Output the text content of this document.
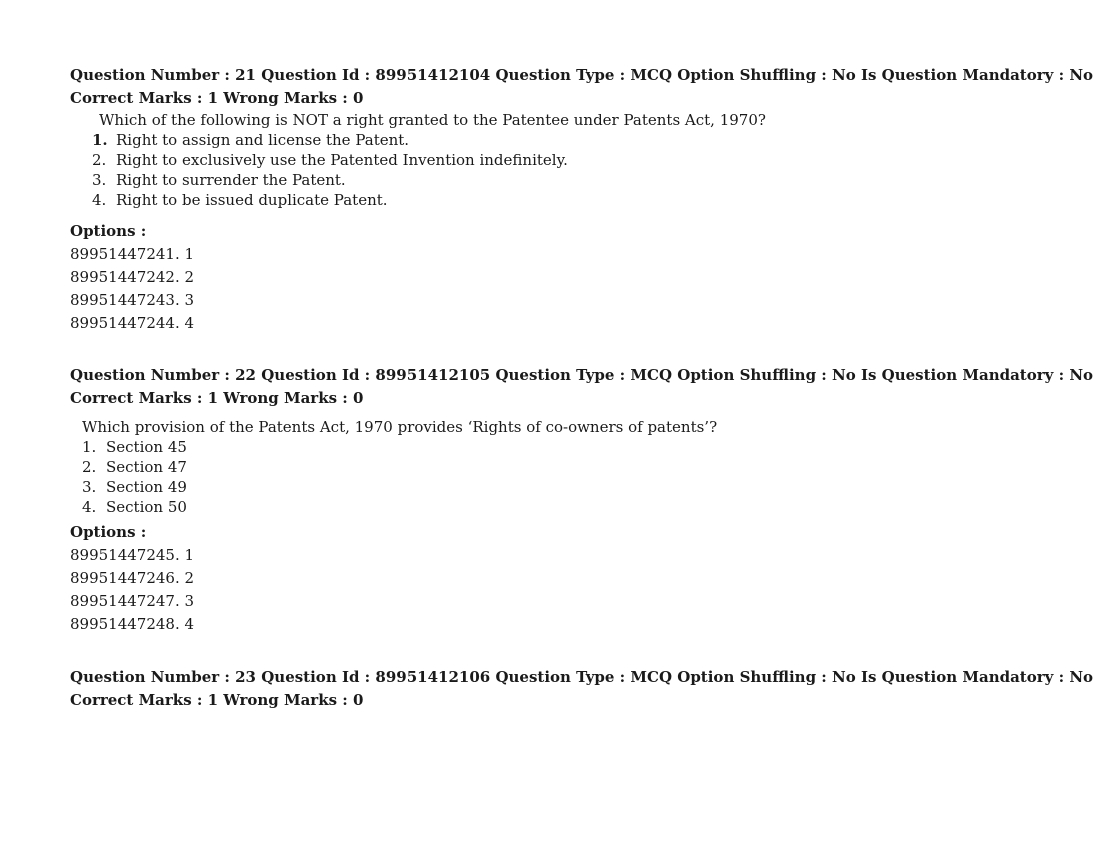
Question Number : 21 Question Id : 89951412104 Question Type : MCQ Option Shuffling : No Is Question Mandatory : No
Correct Marks : 1 Wrong Marks : 0
Which of the following is NOT a right granted to the Patentee under Patents Act, 1970?
1. Right to assign and license the Patent.
2. Right to exclusively use the Patented Invention indefinitely.
3. Right to surrender the Patent.
4. Right to be issued duplicate Patent.
Options :
89951447241. 1
89951447242. 2
89951447243. 3
89951447244. 4
Question Number : 22 Question Id : 89951412105 Question Type : MCQ Option Shuffling : No Is Question Mandatory : No
Correct Marks : 1 Wrong Marks : 0
Which provision of the Patents Act, 1970 provides ‘Rights of co-owners of patents’?
1. Section 45
2. Section 47
3. Section 49
4. Section 50
Options :
89951447245. 1
89951447246. 2
89951447247. 3
89951447248. 4
Question Number : 23 Question Id : 89951412106 Question Type : MCQ Option Shuffling : No Is Question Mandatory : No
Correct Marks : 1 Wrong Marks : 0
